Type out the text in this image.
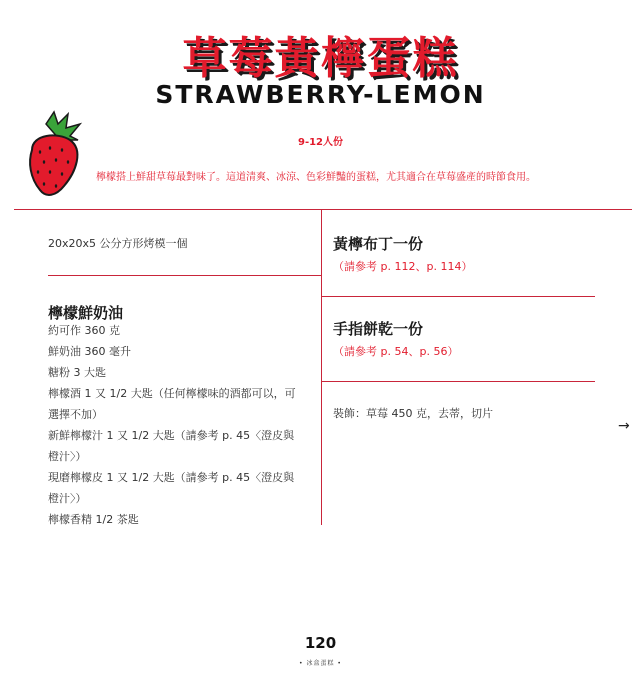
草莓黃檸蛋糕
STRAWBERRY-LEMON
9-12人份
檸檬搭上鮮甜草莓最對味了。這道清爽、冰涼、色彩鮮豔的蛋糕，尤其適合在草莓盛產的時節食用。
20x20x5 公分方形烤模一個
檸檬鮮奶油
約可作 360 克
鮮奶油 360 毫升
糖粉 3 大匙
檸檬酒 1 又 1/2 大匙（任何檸檬味的酒都可以，可
選擇不加）
新鮮檸檬汁 1 又 1/2 大匙（請參考 p. 45〈澄皮與
橙汁〉）
現磨檸檬皮 1 又 1/2 大匙（請參考 p. 45〈澄皮與
橙汁〉）
檸檬香精 1/2 茶匙
黃檸布丁一份
（請參考 p. 112、p. 114）
手指餅乾一份
（請參考 p. 54、p. 56）
裝飾：草莓 450 克，去蒂，切片
→
120
• 冰盒蛋糕 •
